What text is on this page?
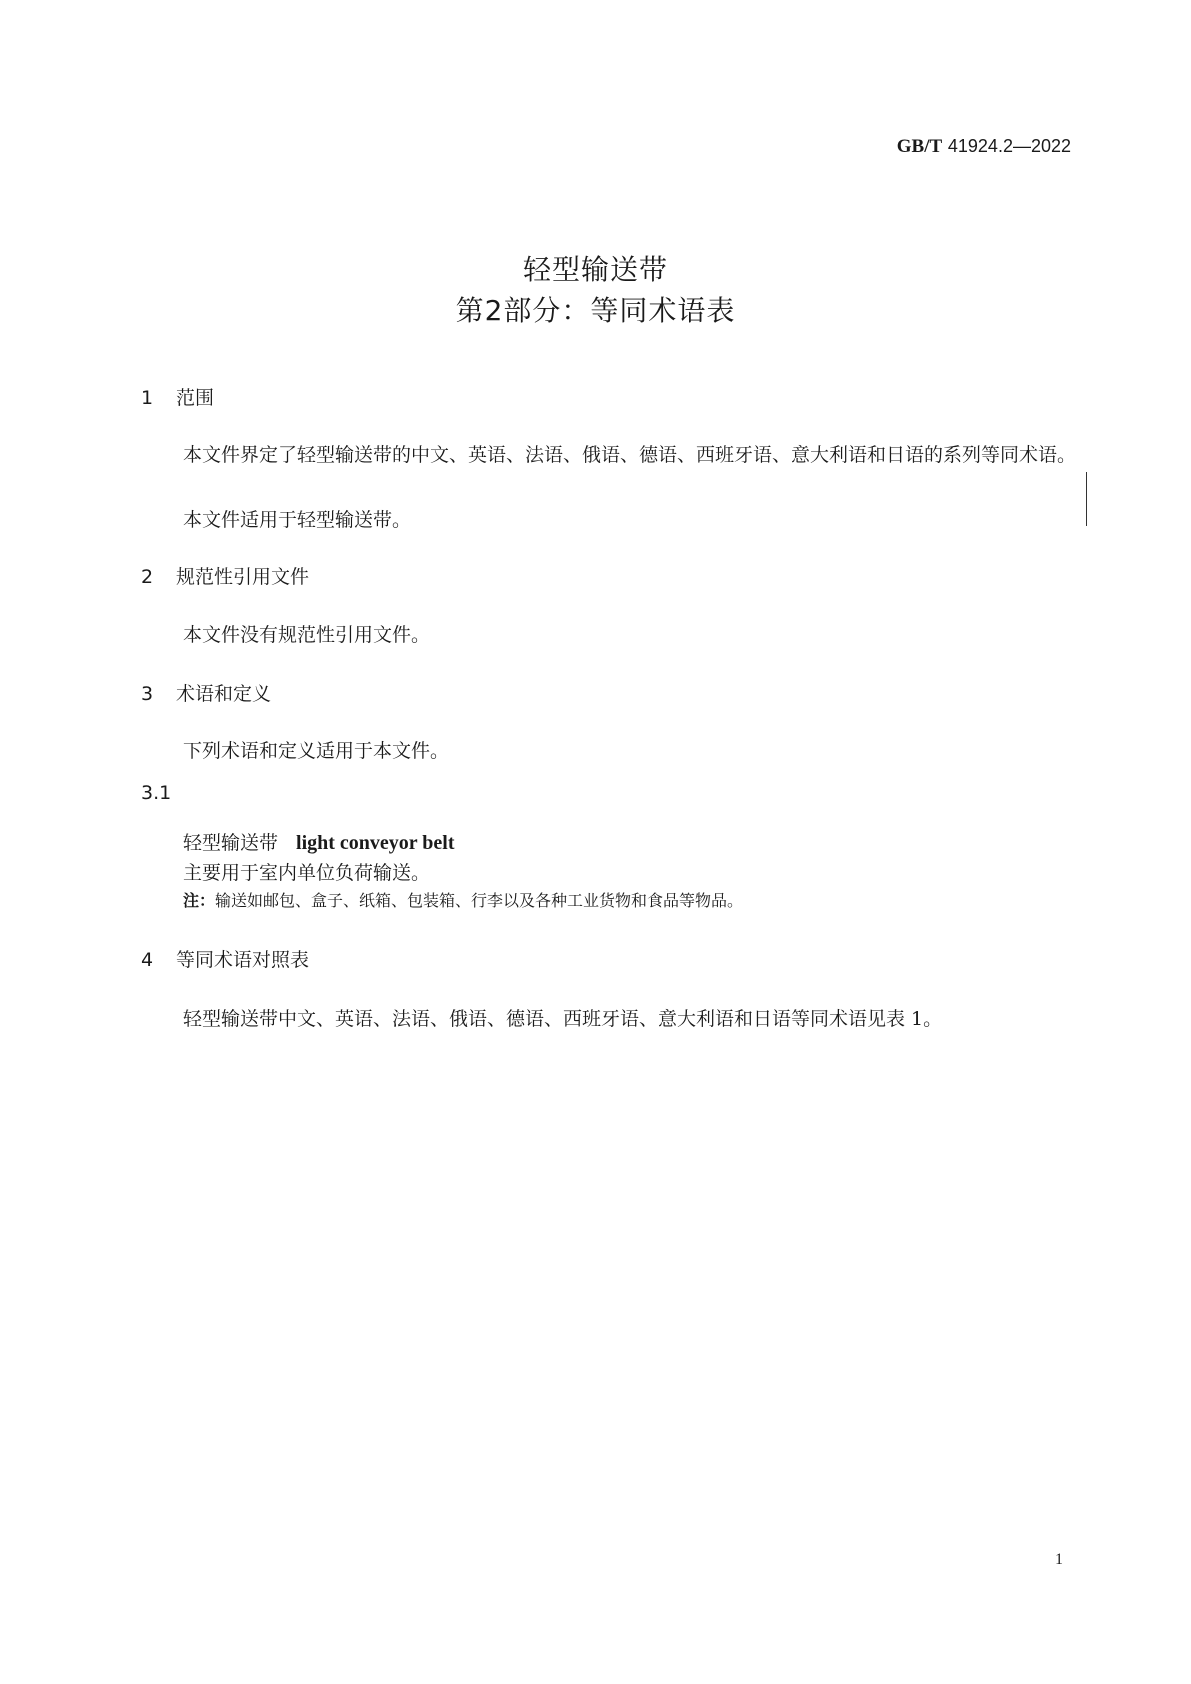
GB/T 41924.2—2022
轻型输送带
第2部分：等同术语表
1 范围
本文件界定了轻型输送带的中文、英语、法语、俄语、德语、西班牙语、意大利语和日语的系列等同术语。
本文件适用于轻型输送带。
2 规范性引用文件
本文件没有规范性引用文件。
3 术语和定义
下列术语和定义适用于本文件。
3.1
轻型输送带 light conveyor belt
主要用于室内单位负荷输送。
注：输送如邮包、盒子、纸箱、包装箱、行李以及各种工业货物和食品等物品。
4 等同术语对照表
轻型输送带中文、英语、法语、俄语、德语、西班牙语、意大利语和日语等同术语见表 1。
1
